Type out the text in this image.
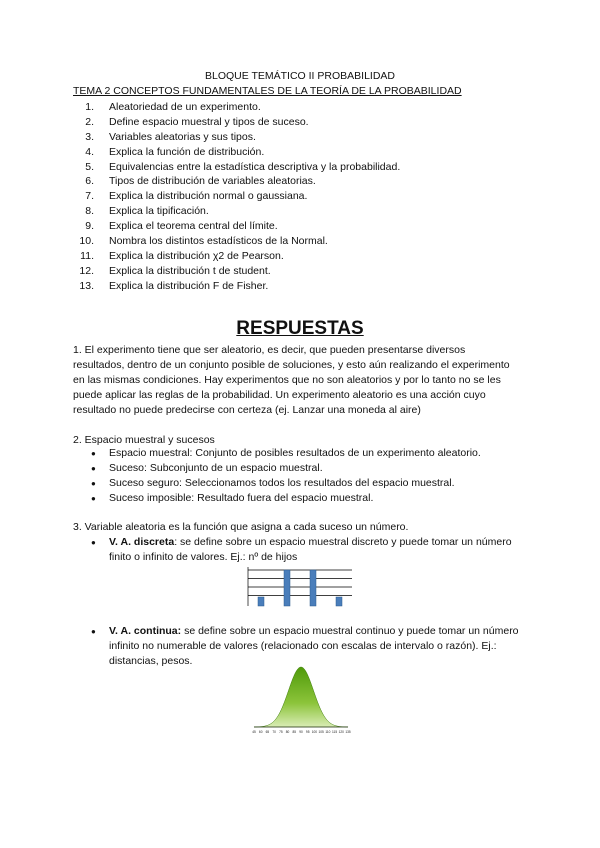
BLOQUE TEMÁTICO II PROBABILIDAD
TEMA 2 CONCEPTOS FUNDAMENTALES DE LA TEORÍA DE LA PROBABILIDAD
1. Aleatoriedad de un experimento.
2. Define espacio muestral y tipos de suceso.
3. Variables aleatorias y sus tipos.
4. Explica la función de distribución.
5. Equivalencias entre la estadística descriptiva y la probabilidad.
6. Tipos de distribución de variables aleatorias.
7. Explica la distribución normal o gaussiana.
8. Explica la tipificación.
9. Explica el teorema central del límite.
10. Nombra los distintos estadísticos de la Normal.
11. Explica la distribución χ2 de Pearson.
12. Explica la distribución t de student.
13. Explica la distribución F de Fisher.
RESPUESTAS
1. El experimento tiene que ser aleatorio, es decir, que pueden presentarse diversos resultados, dentro de un conjunto posible de soluciones, y esto aún realizando el experimento en las mismas condiciones. Hay experimentos que no son aleatorios y por lo tanto no se les puede aplicar las reglas de la probabilidad. Un experimento aleatorio es una acción cuyo resultado no puede predecirse con certeza (ej. Lanzar una moneda al aire)
2. Espacio muestral y sucesos
● Espacio muestral: Conjunto de posibles resultados de un experimento aleatorio.
● Suceso: Subconjunto de un espacio muestral.
● Suceso seguro: Seleccionamos todos los resultados del espacio muestral.
● Suceso imposible: Resultado fuera del espacio muestral.
3. Variable aleatoria es la función que asigna a cada suceso un número.
● V. A. discreta: se define sobre un espacio muestral discreto y puede tomar un número finito o infinito de valores. Ej.: nº de hijos
● V. A. continua: se define sobre un espacio muestral continuo y puede tomar un número infinito no numerable de valores (relacionado con escalas de intervalo o razón). Ej.: distancias, pesos.
45 60 65 70 75 80 85 90 95 100 105 110 115 120 135
